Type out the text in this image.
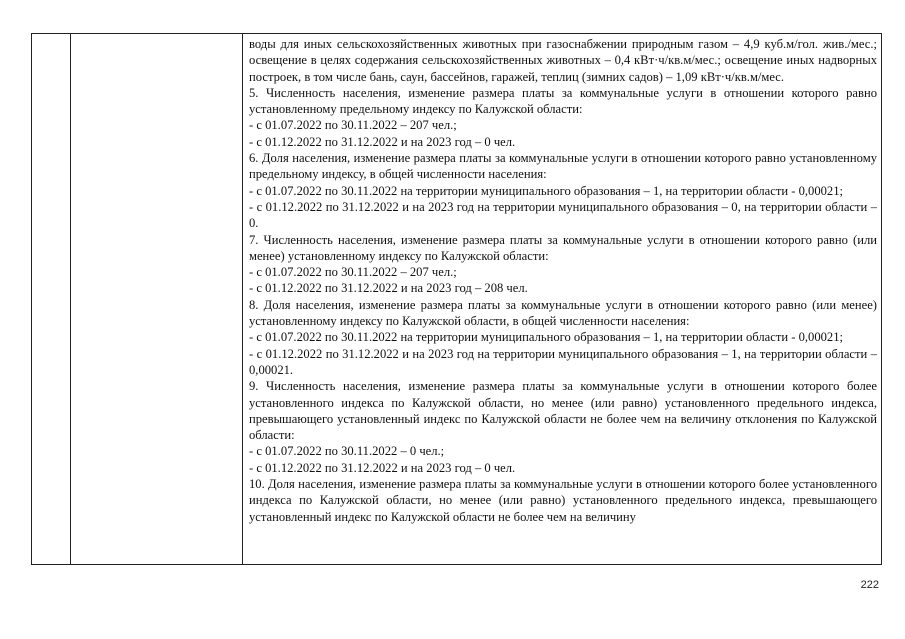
воды для иных сельскохозяйственных животных при газоснабжении природным газом – 4,9 куб.м/гол. жив./мес.; освещение в целях содержания сельскохозяйственных животных – 0,4 кВт·ч/кв.м/мес.; освещение иных надворных построек, в том числе бань, саун, бассейнов, гаражей, теплиц (зимних садов) – 1,09 кВт·ч/кв.м/мес.

5. Численность населения, изменение размера платы за коммунальные услуги в отношении которого равно установленному предельному индексу по Калужской области:

- с 01.07.2022 по 30.11.2022 – 207 чел.;

- с 01.12.2022 по 31.12.2022 и на 2023 год – 0 чел.

6. Доля населения, изменение размера платы за коммунальные услуги в отношении которого равно установленному предельному индексу, в общей численности населения:

- с 01.07.2022 по 30.11.2022 на территории муниципального образования – 1, на территории области - 0,00021;

- с 01.12.2022 по 31.12.2022 и на 2023 год на территории муниципального образования – 0, на территории области – 0.

7. Численность населения, изменение размера платы за коммунальные услуги в отношении которого равно (или менее) установленному индексу по Калужской области:

- с 01.07.2022 по 30.11.2022 – 207 чел.;

- с 01.12.2022 по 31.12.2022 и на 2023 год – 208 чел.

8. Доля населения, изменение размера платы за коммунальные услуги в отношении которого равно (или менее) установленному индексу по Калужской области, в общей численности населения:

- с 01.07.2022 по 30.11.2022 на территории муниципального образования – 1, на территории области - 0,00021;

- с 01.12.2022 по 31.12.2022 и на 2023 год на территории муниципального образования – 1, на территории области – 0,00021.

9. Численность населения, изменение размера платы за коммунальные услуги в отношении которого более установленного индекса по Калужской области, но менее (или равно) установленного предельного индекса, превышающего установленный индекс по Калужской области не более чем на величину отклонения по Калужской области:

- с 01.07.2022 по 30.11.2022 – 0 чел.;

- с 01.12.2022 по 31.12.2022 и на 2023 год – 0 чел.

10. Доля населения, изменение размера платы за коммунальные услуги в отношении которого более установленного индекса по Калужской области, но менее (или равно) установленного предельного индекса, превышающего установленный индекс по Калужской области не более чем на величину

222
